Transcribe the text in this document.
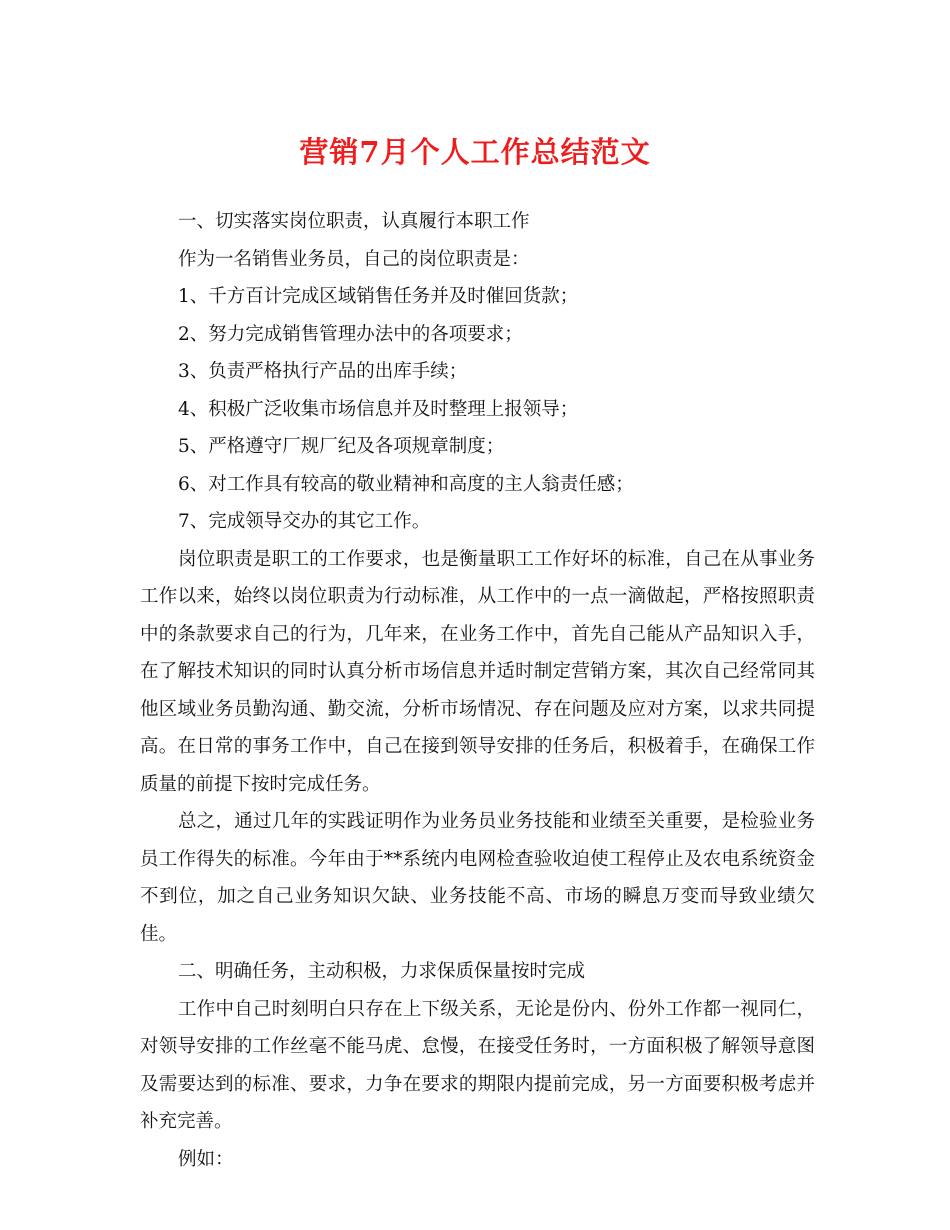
营销7月个人工作总结范文

一、切实落实岗位职责，认真履行本职工作

作为一名销售业务员，自己的岗位职责是：

1、千方百计完成区域销售任务并及时催回货款；

2、努力完成销售管理办法中的各项要求；

3、负责严格执行产品的出库手续；

4、积极广泛收集市场信息并及时整理上报领导；

5、严格遵守厂规厂纪及各项规章制度；

6、对工作具有较高的敬业精神和高度的主人翁责任感；

7、完成领导交办的其它工作。

岗位职责是职工的工作要求，也是衡量职工工作好坏的标准，自己在从事业务工作以来，始终以岗位职责为行动标准，从工作中的一点一滴做起，严格按照职责中的条款要求自己的行为，几年来，在业务工作中，首先自己能从产品知识入手，在了解技术知识的同时认真分析市场信息并适时制定营销方案，其次自己经常同其他区域业务员勤沟通、勤交流，分析市场情况、存在问题及应对方案，以求共同提高。在日常的事务工作中，自己在接到领导安排的任务后，积极着手，在确保工作质量的前提下按时完成任务。

总之，通过几年的实践证明作为业务员业务技能和业绩至关重要，是检验业务员工作得失的标准。今年由于**系统内电网检查验收迫使工程停止及农电系统资金不到位，加之自己业务知识欠缺、业务技能不高、市场的瞬息万变而导致业绩欠佳。

二、明确任务，主动积极，力求保质保量按时完成

工作中自己时刻明白只存在上下级关系，无论是份内、份外工作都一视同仁，对领导安排的工作丝毫不能马虎、怠慢，在接受任务时，一方面积极了解领导意图及需要达到的标准、要求，力争在要求的期限内提前完成，另一方面要积极考虑并补充完善。

例如：
